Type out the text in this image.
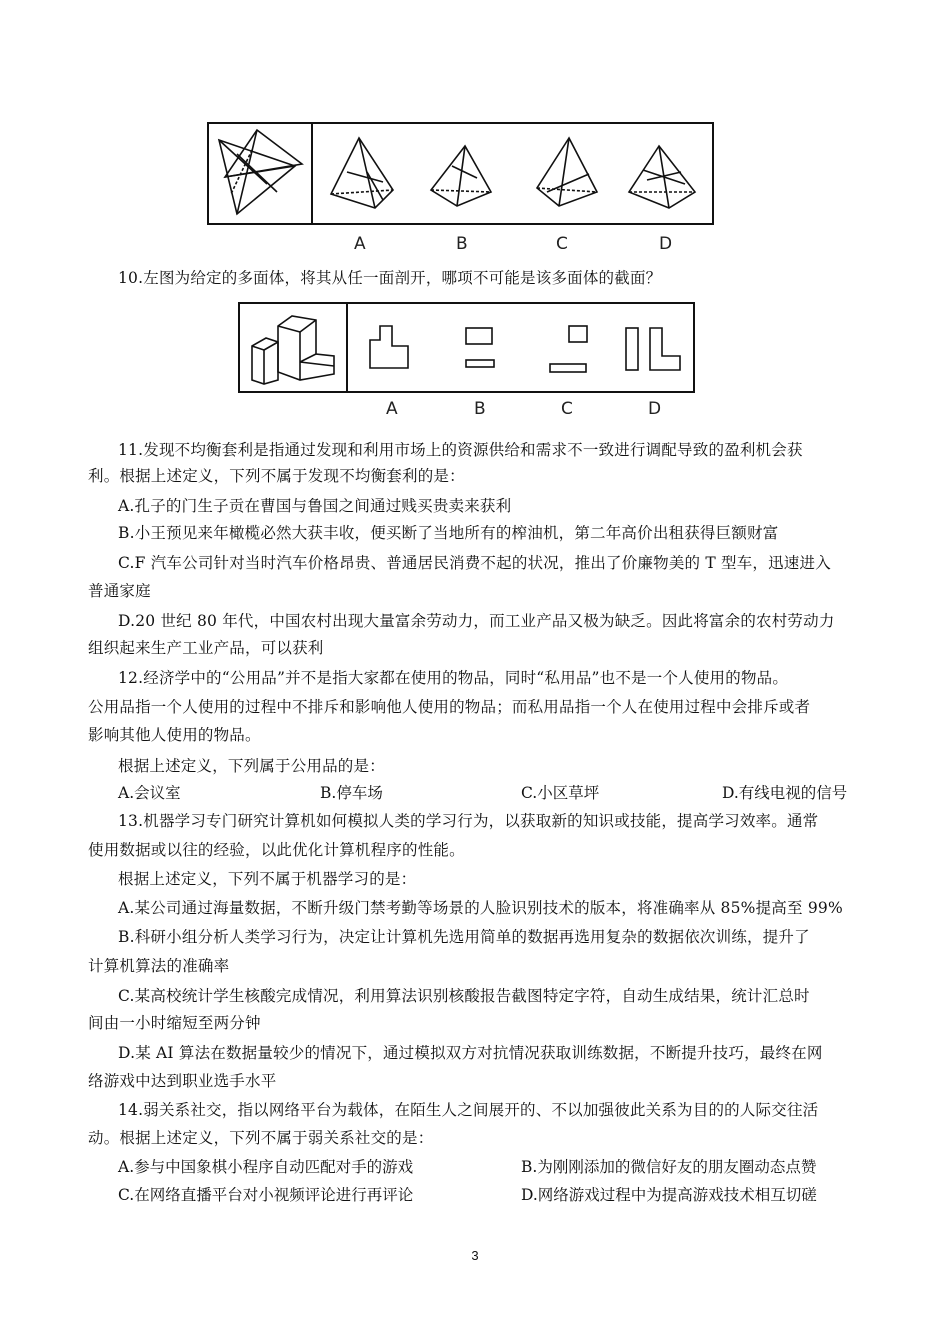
A	B	C	D
10.左图为给定的多面体，将其从任一面剖开，哪项不可能是该多面体的截面？
A	B	C	D
11.发现不均衡套利是指通过发现和利用市场上的资源供给和需求不一致进行调配导致的盈利机会获
利。根据上述定义，下列不属于发现不均衡套利的是：
A.孔子的门生子贡在曹国与鲁国之间通过贱买贵卖来获利
B.小王预见来年橄榄必然大获丰收，便买断了当地所有的榨油机，第二年高价出租获得巨额财富
C.F 汽车公司针对当时汽车价格昂贵、普通居民消费不起的状况，推出了价廉物美的 T 型车，迅速进入
普通家庭
D.20 世纪 80 年代，中国农村出现大量富余劳动力，而工业产品又极为缺乏。因此将富余的农村劳动力
组织起来生产工业产品，可以获利
12.经济学中的“公用品”并不是指大家都在使用的物品，同时“私用品”也不是一个人使用的物品。
公用品指一个人使用的过程中不排斥和影响他人使用的物品；而私用品指一个人在使用过程中会排斥或者
影响其他人使用的物品。
根据上述定义，下列属于公用品的是：
A.会议室	B.停车场	C.小区草坪	D.有线电视的信号
13.机器学习专门研究计算机如何模拟人类的学习行为，以获取新的知识或技能，提高学习效率。通常
使用数据或以往的经验，以此优化计算机程序的性能。
根据上述定义，下列不属于机器学习的是：
A.某公司通过海量数据，不断升级门禁考勤等场景的人脸识别技术的版本，将准确率从 85%提高至 99%
B.科研小组分析人类学习行为，决定让计算机先选用简单的数据再选用复杂的数据依次训练，提升了
计算机算法的准确率
C.某高校统计学生核酸完成情况，利用算法识别核酸报告截图特定字符，自动生成结果，统计汇总时
间由一小时缩短至两分钟
D.某 AI 算法在数据量较少的情况下，通过模拟双方对抗情况获取训练数据，不断提升技巧，最终在网
络游戏中达到职业选手水平
14.弱关系社交，指以网络平台为载体，在陌生人之间展开的、不以加强彼此关系为目的的人际交往活
动。根据上述定义，下列不属于弱关系社交的是：
A.参与中国象棋小程序自动匹配对手的游戏	B.为刚刚添加的微信好友的朋友圈动态点赞
C.在网络直播平台对小视频评论进行再评论	D.网络游戏过程中为提高游戏技术相互切磋
3
